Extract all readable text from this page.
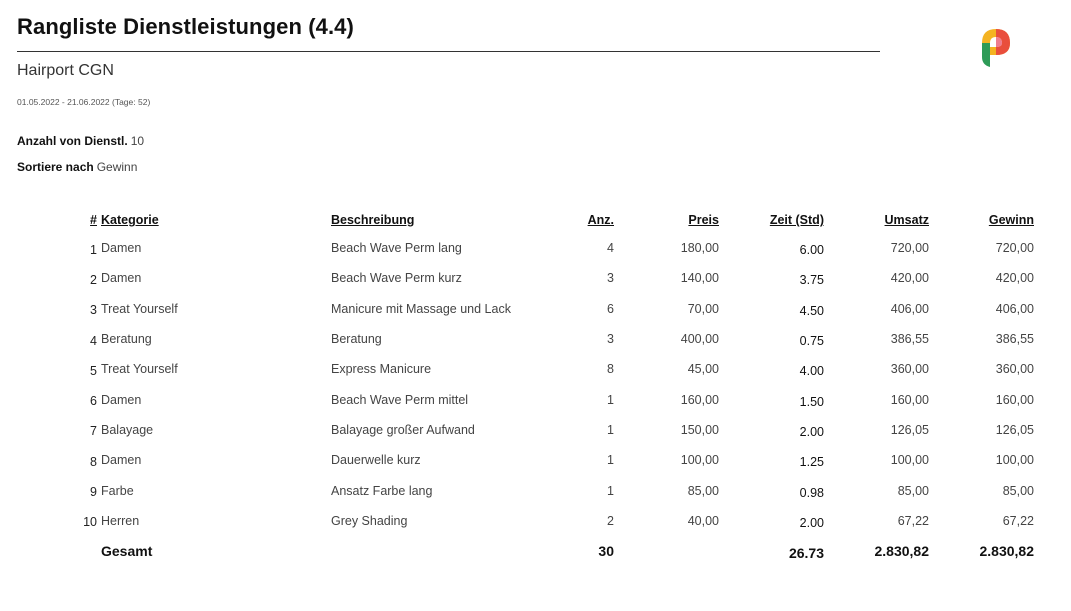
Rangliste Dienstleistungen (4.4)
Hairport CGN
01.05.2022 - 21.06.2022 (Tage: 52)
Anzahl von Dienstl. 10
Sortiere nach Gewinn
#	Kategorie	Beschreibung	Anz.	Preis	Zeit (Std)	Umsatz	Gewinn
1	Damen	Beach Wave Perm lang	4	180,00	6.00	720,00	720,00
2	Damen	Beach Wave Perm kurz	3	140,00	3.75	420,00	420,00
3	Treat Yourself	Manicure mit Massage und Lack	6	70,00	4.50	406,00	406,00
4	Beratung	Beratung	3	400,00	0.75	386,55	386,55
5	Treat Yourself	Express Manicure	8	45,00	4.00	360,00	360,00
6	Damen	Beach Wave Perm mittel	1	160,00	1.50	160,00	160,00
7	Balayage	Balayage großer Aufwand	1	150,00	2.00	126,05	126,05
8	Damen	Dauerwelle kurz	1	100,00	1.25	100,00	100,00
9	Farbe	Ansatz Farbe lang	1	85,00	0.98	85,00	85,00
10	Herren	Grey Shading	2	40,00	2.00	67,22	67,22
	Gesamt		30		26.73	2.830,82	2.830,82
